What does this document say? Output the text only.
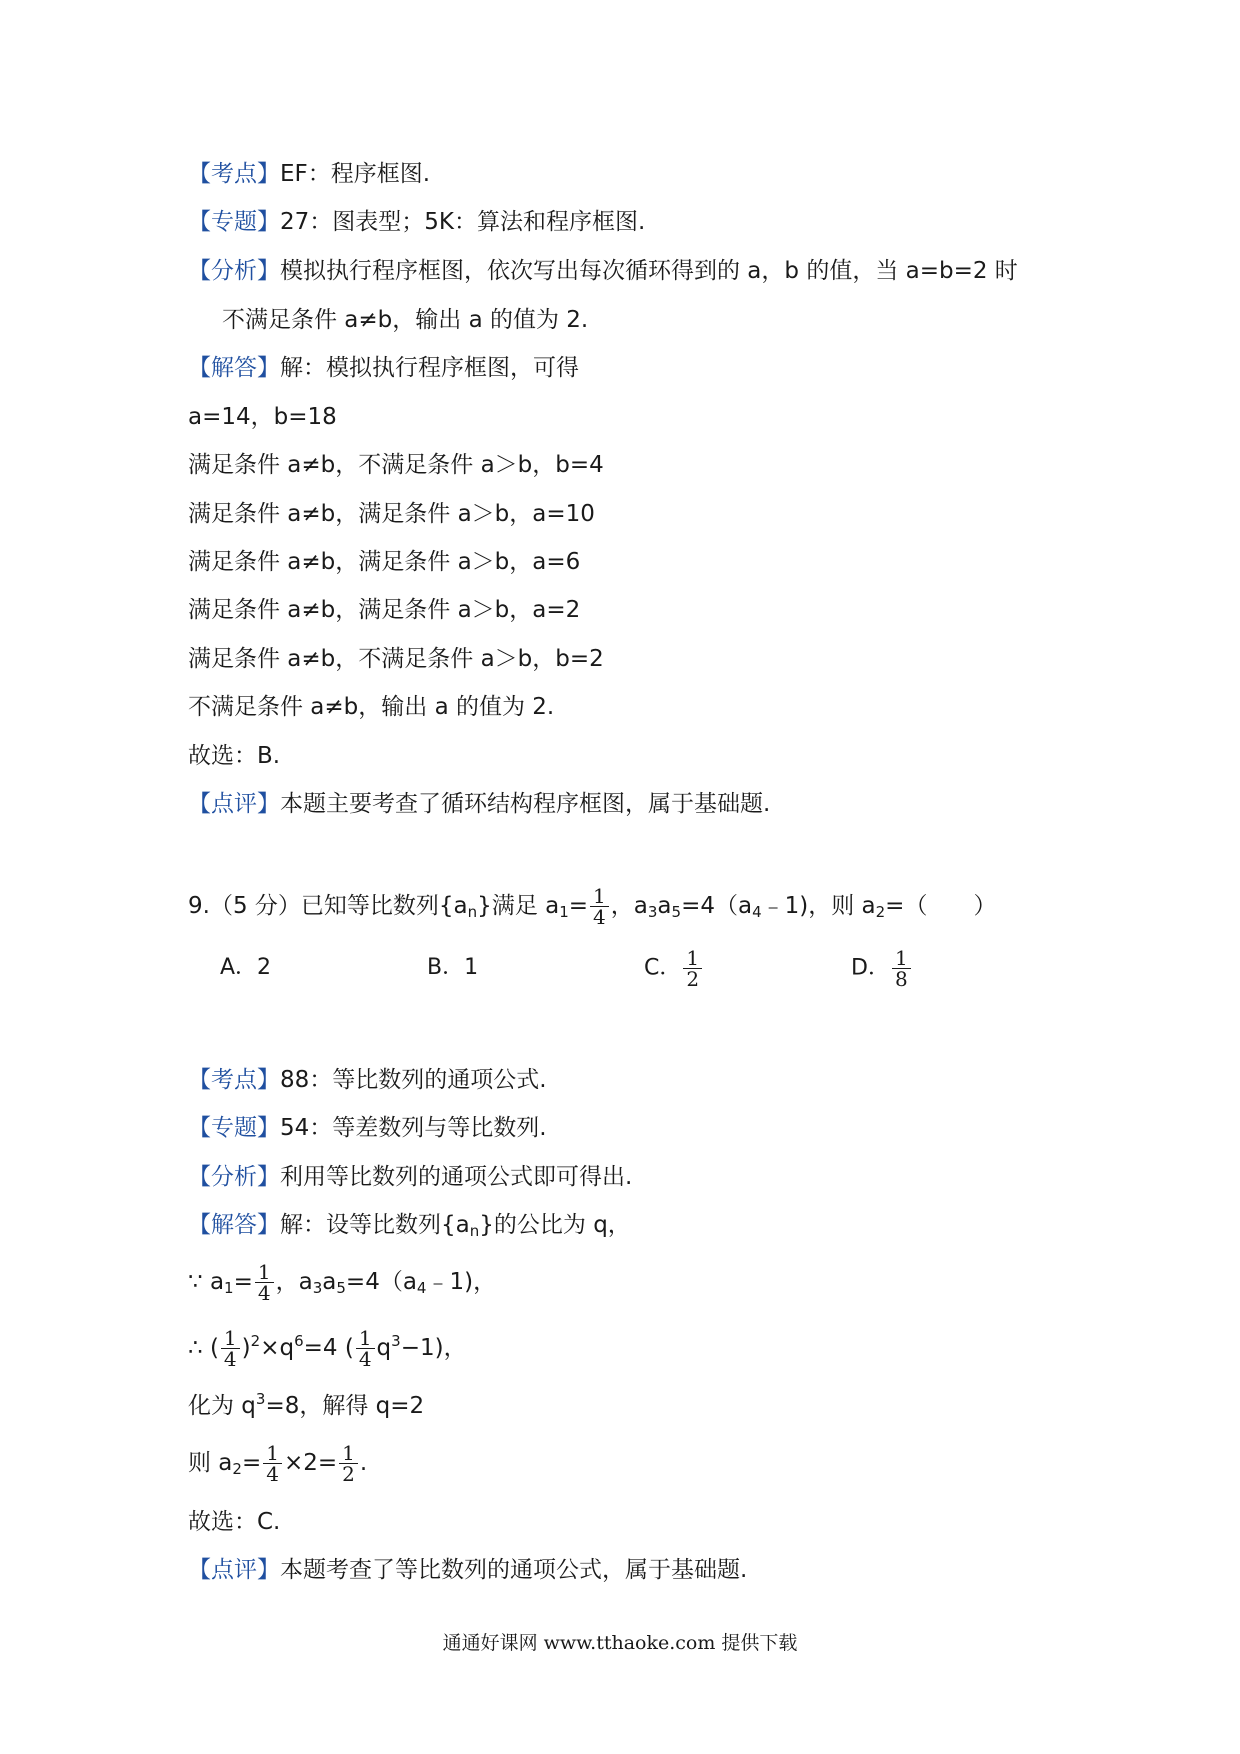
【考点】EF：程序框图.
【专题】27：图表型；5K：算法和程序框图.
【分析】模拟执行程序框图，依次写出每次循环得到的 a，b 的值，当 a=b=2 时
不满足条件 a≠b，输出 a 的值为 2.
【解答】解：模拟执行程序框图，可得
a=14，b=18
满足条件 a≠b，不满足条件 a＞b，b=4
满足条件 a≠b，满足条件 a＞b，a=10
满足条件 a≠b，满足条件 a＞b，a=6
满足条件 a≠b，满足条件 a＞b，a=2
满足条件 a≠b，不满足条件 a＞b，b=2
不满足条件 a≠b，输出 a 的值为 2.
故选：B.
【点评】本题主要考查了循环结构程序框图，属于基础题.
9.（5 分）已知等比数列$\{a_n\}$满足 $a_1= \frac{1}{4}$ ，$a_3a_5=4(a_4﹣1)$，则 $a_2=$（　　）
A．2	B．1	C． $\frac{1}{2}$	D． $\frac{1}{8}$
【考点】88：等比数列的通项公式.
【专题】54：等差数列与等比数列.
【分析】利用等比数列的通项公式即可得出.
【解答】解：设等比数列$\{a_n\}$的公比为 q，
∵ $a_1= \frac{1}{4}$ ，$a_3a_5=4(a_4﹣1)$，
∴ ( $\frac{1}{4} )^2\times q^6=4$ ( $\frac{1}{4} q^3-1$)，
化为 $q^3=8$，解得 q=2
则 $a_2= \frac{1}{4} \times 2= \frac{1}{2}$ .
故选：C.
【点评】本题考查了等比数列的通项公式，属于基础题.
通通好课网 www.tthaoke.com 提供下载
